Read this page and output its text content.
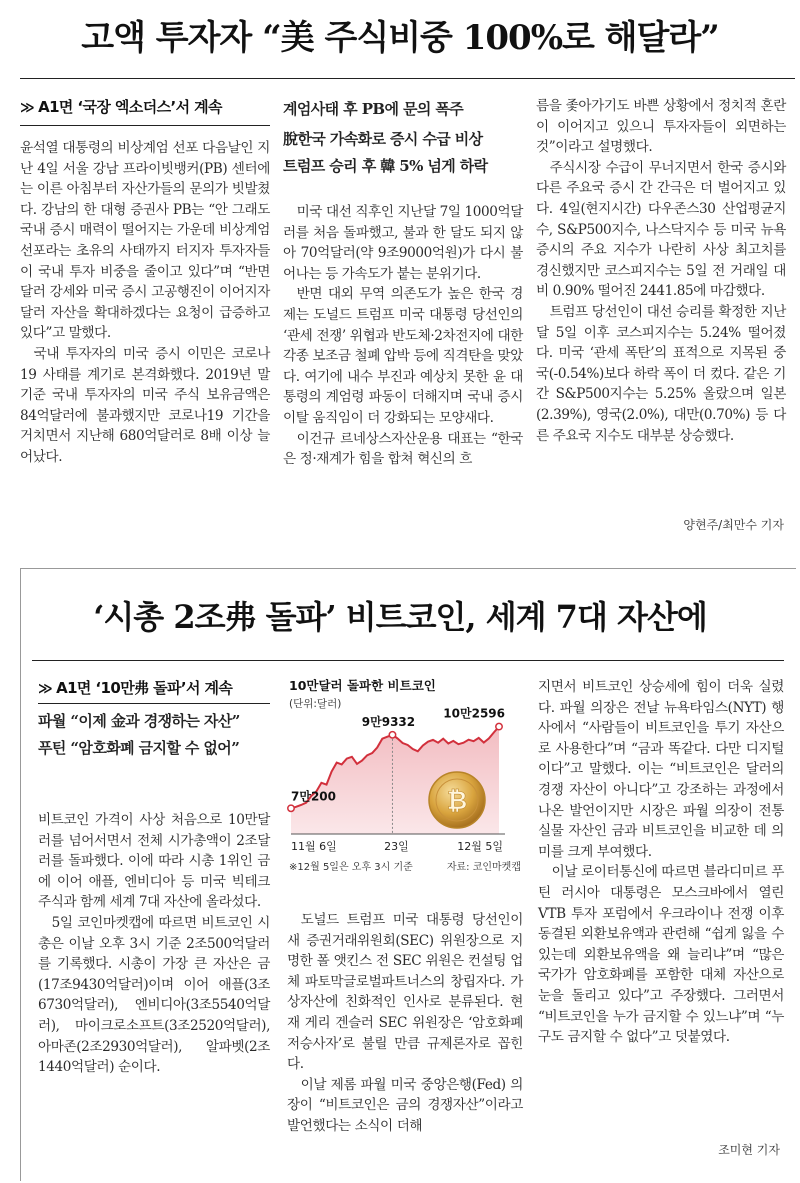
고액 투자자 “美 주식비중 100%로 해달라”
≫ A1면 ‘국장 엑소더스’서 계속

윤석열 대통령의 비상계엄 선포 다음날인 지난 4일 서울 강남 프라이빗뱅커(PB) 센터에는 이른 아침부터 자산가들의 문의가 빗발쳤다. 강남의 한 대형 증권사 PB는 “안 그래도 국내 증시 매력이 떨어지는 가운데 비상계엄 선포라는 초유의 사태까지 터지자 투자자들이 국내 투자 비중을 줄이고 있다”며 “반면 달러 강세와 미국 증시 고공행진이 이어지자 달러 자산을 확대하겠다는 요청이 급증하고 있다”고 말했다.

국내 투자자의 미국 증시 이민은 코로나19 사태를 계기로 본격화했다. 2019년 말 기준 국내 투자자의 미국 주식 보유금액은 84억달러에 불과했지만 코로나19 기간을 거치면서 지난해 680억달러로 8배 이상 늘어났다.

계엄사태 후 PB에 문의 폭주

脫한국 가속화로 증시 수급 비상
트럼프 승리 후 韓 5% 넘게 하락

미국 대선 직후인 지난달 7일 1000억달러를 처음 돌파했고, 불과 한 달도 되지 않아 70억달러(약 9조9000억원)가 다시 불어나는 등 가속도가 붙는 분위기다.

반면 대외 무역 의존도가 높은 한국 경제는 도널드 트럼프 미국 대통령 당선인의 ‘관세 전쟁’ 위협과 반도체·2차전지에 대한 각종 보조금 철폐 압박 등에 직격탄을 맞았다. 여기에 내수 부진과 예상치 못한 윤 대통령의 계엄령 파동이 더해지며 국내 증시 이탈 움직임이 더 강화되는 모양새다.

이건규 르네상스자산운용 대표는 “한국은 정·재계가 힘을 합쳐 혁신의 흐

름을 좇아가기도 바쁜 상황에서 정치적 혼란이 이어지고 있으니 투자자들이 외면하는 것”이라고 설명했다.

주식시장 수급이 무너지면서 한국 증시와 다른 주요국 증시 간 간극은 더 벌어지고 있다. 4일(현지시간) 다우존스30 산업평균지수, S&P500지수, 나스닥지수 등 미국 뉴욕증시의 주요 지수가 나란히 사상 최고치를 경신했지만 코스피지수는 5일 전 거래일 대비 0.90% 떨어진 2441.85에 마감했다.

트럼프 당선인이 대선 승리를 확정한 지난달 5일 이후 코스피지수는 5.24% 떨어졌다. 미국 ‘관세 폭탄’의 표적으로 지목된 중국(-0.54%)보다 하락 폭이 더 컸다. 같은 기간 S&P500지수는 5.25% 올랐으며 일본(2.39%), 영국(2.0%), 대만(0.70%) 등 다른 주요국 지수도 대부분 상승했다.

양현주/최만수 기자
‘시총 2조弗 돌파’ 비트코인, 세계 7대 자산에
≫ A1면 ‘10만弗 돌파’서 계속
파월 “이제 金과 경쟁하는 자산”
푸틴 “암호화폐 금지할 수 없어”

비트코인 가격이 사상 처음으로 10만달러를 넘어서면서 전체 시가총액이 2조달러를 돌파했다. 이에 따라 시총 1위인 금에 이어 애플, 엔비디아 등 미국 빅테크 주식과 함께 세계 7대 자산에 올라섰다.

5일 코인마켓캡에 따르면 비트코인 시총은 이날 오후 3시 기준 2조500억달러를 기록했다. 시총이 가장 큰 자산은 금(17조9430억달러)이며 이어 애플(3조6730억달러), 엔비디아(3조5540억달러), 마이크로소프트(3조2520억달러), 아마존(2조2930억달러), 알파벳(2조1440억달러) 순이다.

10만달러 돌파한 비트코인
(단위:달러)
7만200
9만9332
10만2596
11월 6일	23일	12월 5일
₿
※12월 5일은 오후 3시 기준	자료: 코인마켓캡

도널드 트럼프 미국 대통령 당선인이 새 증권거래위원회(SEC) 위원장으로 지명한 폴 앳킨스 전 SEC 위원은 컨설팅 업체 파토막글로벌파트너스의 창립자다. 가상자산에 친화적인 인사로 분류된다. 현재 게리 겐슬러 SEC 위원장은 ‘암호화폐 저승사자’로 불릴 만큼 규제론자로 꼽힌다.

이날 제롬 파월 미국 중앙은행(Fed) 의장이 “비트코인은 금의 경쟁자산”이라고 발언했다는 소식이 더해

지면서 비트코인 상승세에 힘이 더욱 실렸다. 파월 의장은 전날 뉴욕타임스(NYT) 행사에서 “사람들이 비트코인을 투기 자산으로 사용한다”며 “금과 똑같다. 다만 디지털이다”고 말했다. 이는 “비트코인은 달러의 경쟁 자산이 아니다”고 강조하는 과정에서 나온 발언이지만 시장은 파월 의장이 전통 실물 자산인 금과 비트코인을 비교한 데 의미를 크게 부여했다.

이날 로이터통신에 따르면 블라디미르 푸틴 러시아 대통령은 모스크바에서 열린 VTB 투자 포럼에서 우크라이나 전쟁 이후 동결된 외환보유액과 관련해 “쉽게 잃을 수 있는데 외환보유액을 왜 늘리냐”며 “많은 국가가 암호화폐를 포함한 대체 자산으로 눈을 돌리고 있다”고 주장했다. 그러면서 “비트코인을 누가 금지할 수 있느냐”며 “누구도 금지할 수 없다”고 덧붙였다.

조미현 기자
